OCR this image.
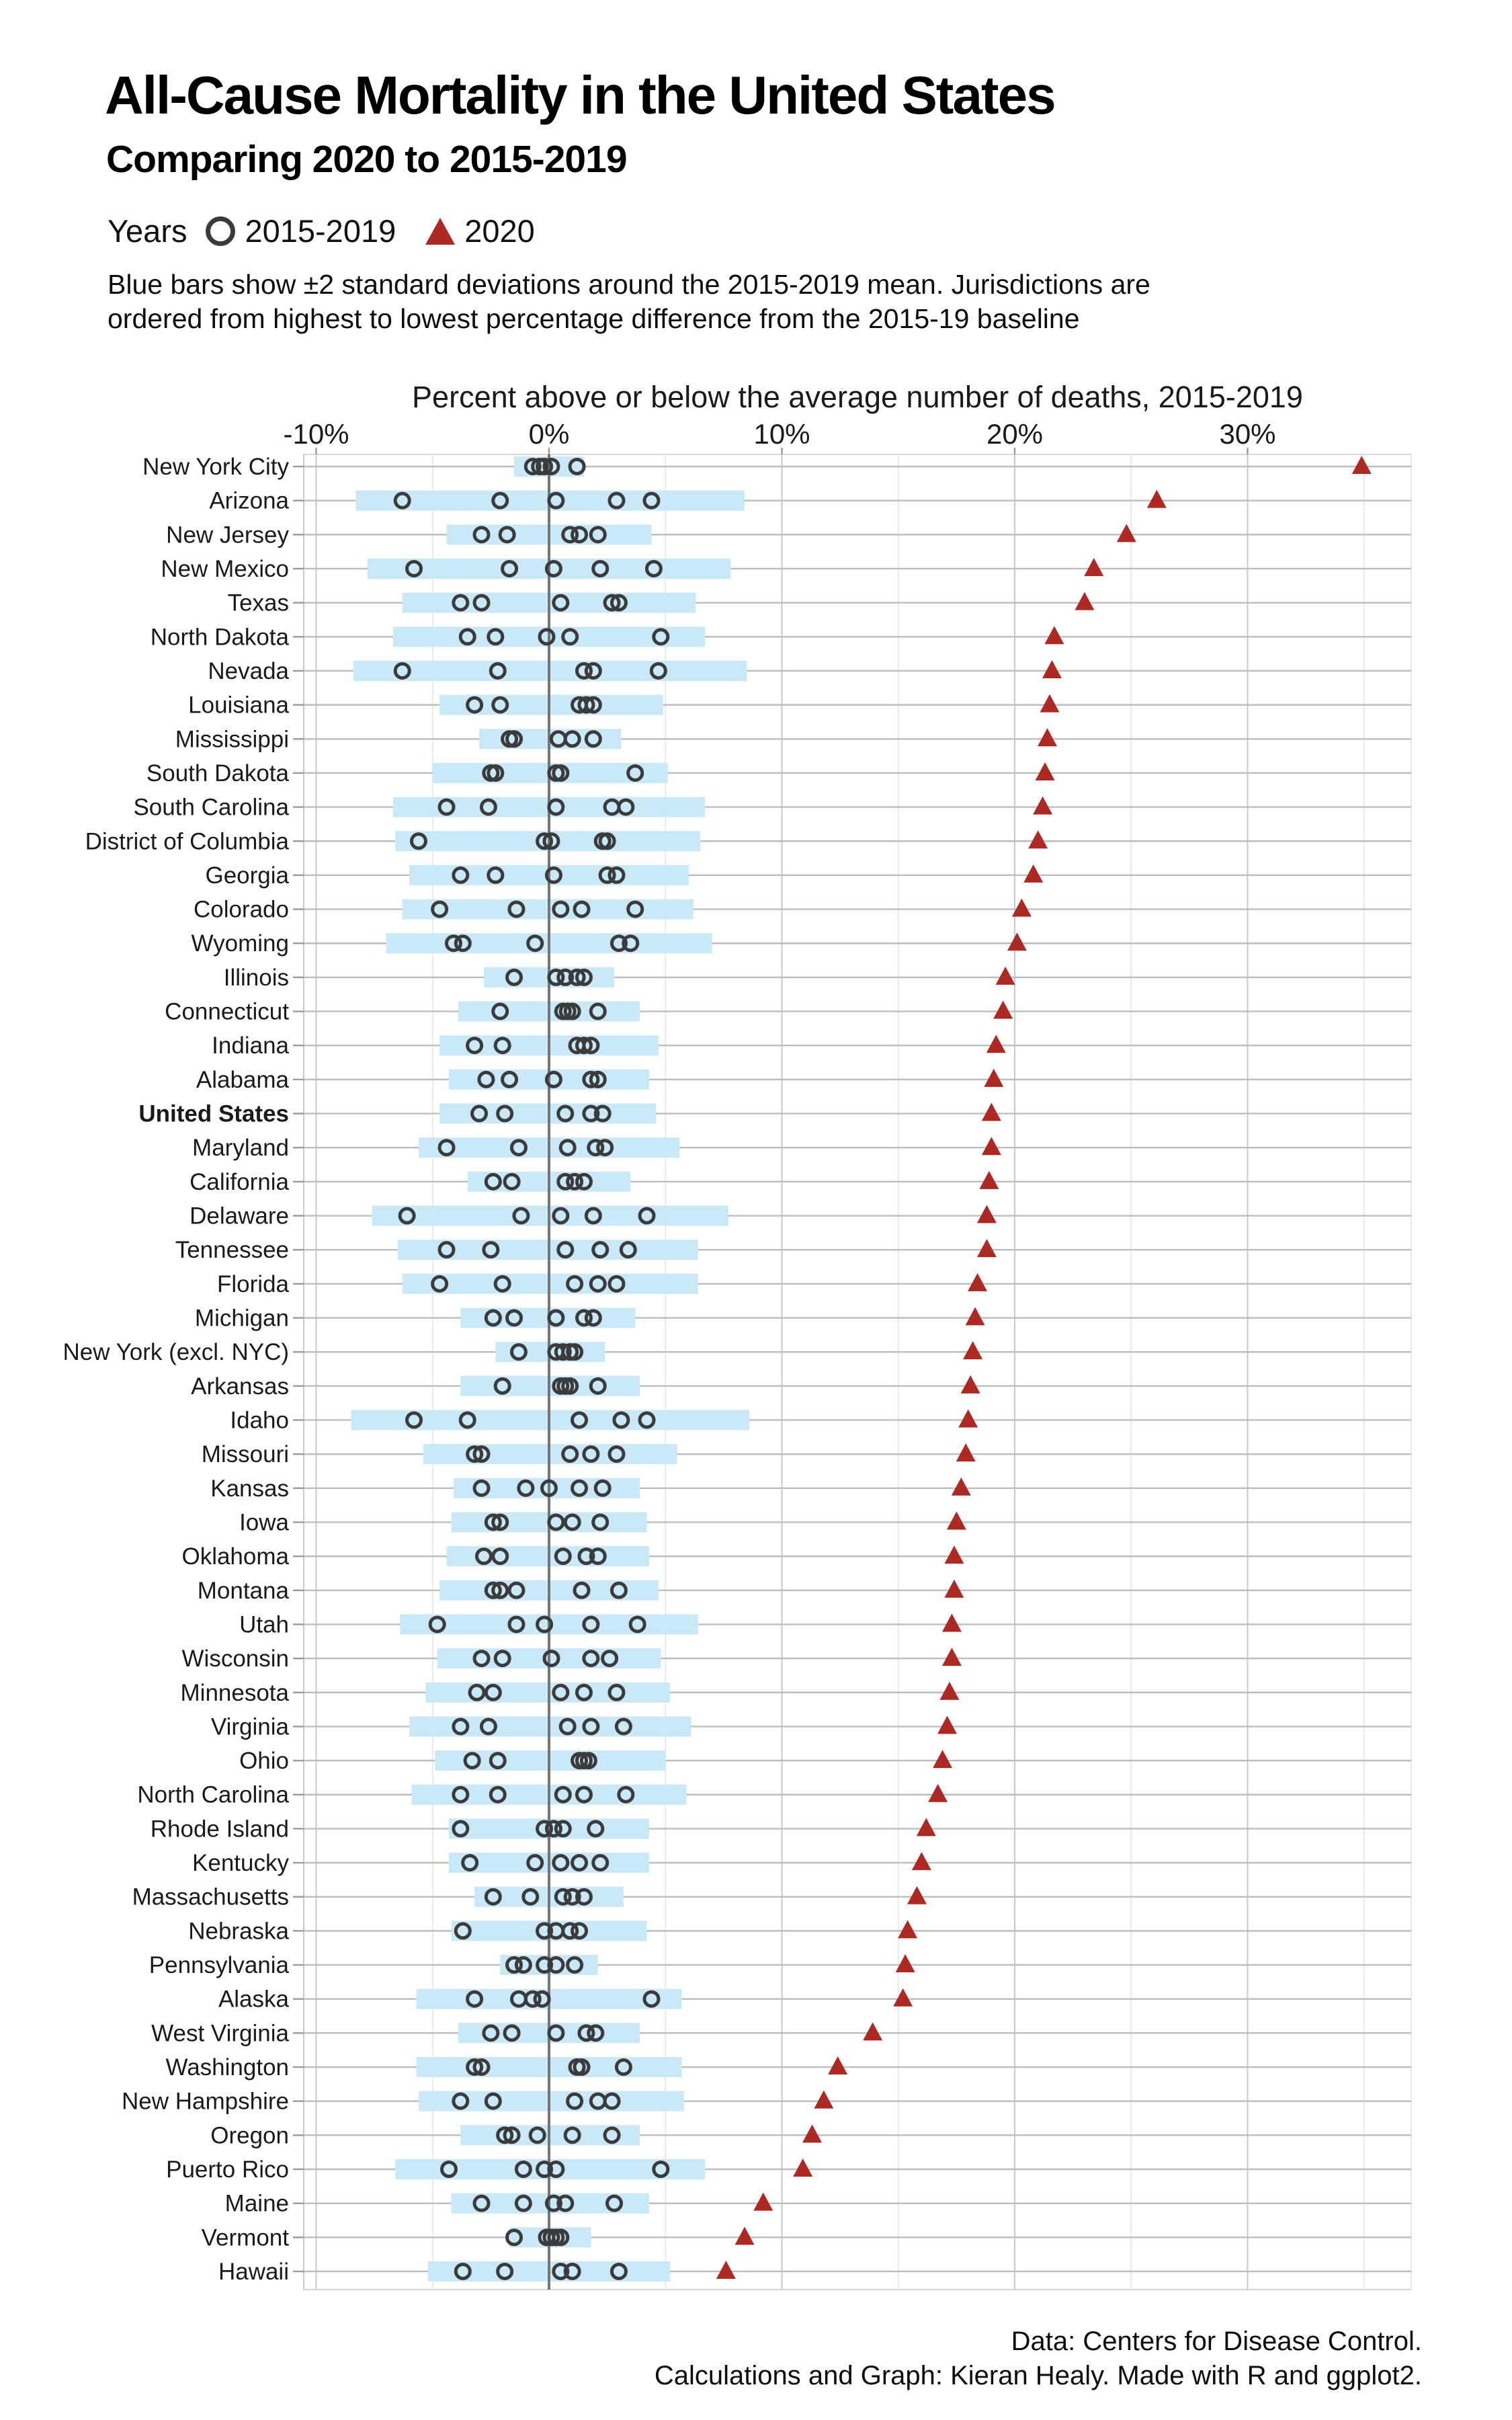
All-Cause Mortality in the United States
Comparing 2020 to 2015-2019
Years 2015-2019 2020
Blue bars show ±2 standard deviations around the 2015-2019 mean. Jurisdictions are
ordered from highest to lowest percentage difference from the 2015-19 baseline
New York City
Arizona
New Jersey
New Mexico
Texas
North Dakota
Nevada
Louisiana
Mississippi
South Dakota
South Carolina
District of Columbia
Georgia
Colorado
Wyoming
Illinois
Connecticut
Indiana
Alabama
United States
Maryland
California
Delaware
Tennessee
Florida
Michigan
New York (excl. NYC)
Arkansas
Idaho
Missouri
Kansas
Iowa
Oklahoma
Montana
Utah
Wisconsin
Minnesota
Virginia
Ohio
North Carolina
Rhode Island
Kentucky
Massachusetts
Nebraska
Pennsylvania
Alaska
West Virginia
Washington
New Hampshire
Oregon
Puerto Rico
Maine
Vermont
Hawaii
-10%	0%	10%	20%	30%
Percent above or below the average number of deaths, 2015-2019
Data: Centers for Disease Control.
Calculations and Graph: Kieran Healy. Made with R and ggplot2.
